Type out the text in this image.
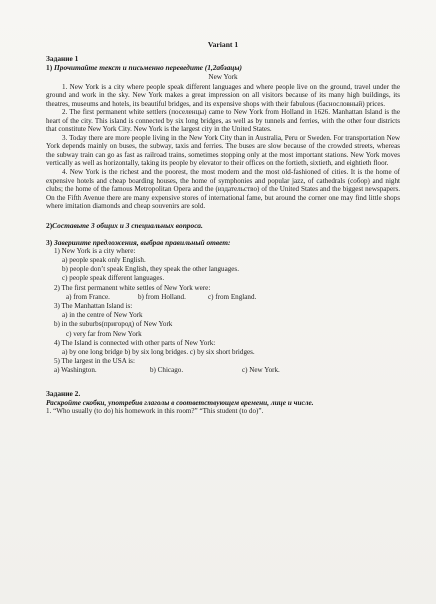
Variant 1

Задание 1

1) Прочитайте текст и письменно переведите (1,2абзацы)

New York

1. New York is a city where people speak different languages and where people live on the ground, travel under the ground and work in the sky. New York makes a great impression on all visitors because of its many high buildings, its theatres, museums and hotels, its beautiful bridges, and its expensive shops with their fabulous (баснословный) prices.

2. The first permanent white settlers (поселенцы) came to New York from Holland in 1626. Manhattan Island is the heart of the city. This island is connected by six long bridges, as well as by tunnels and ferries, with the other four districts that constitute New York City. New York is the largest city in the United States.

3. Today there are more people living in the New York City than in Australia, Peru or Sweden. For transportation New York depends mainly on buses, the subway, taxis and ferries. The buses are slow because of the crowded streets, whereas the subway train can go as fast as railroad trains, sometimes stopping only at the most important stations. New York moves vertically as well as horizontally, taking its people by elevator to their offices on the fortieth, sixtieth, and eightieth floor.

4. New York is the richest and the poorest, the most modern and the most old-fashioned of cities. It is the home of expensive hotels and cheap boarding houses, the home of symphonies and popular jazz, of cathedrals (собор) and night clubs; the home of the famous Metropolitan Opera and the (издательство) of the United States and the biggest newspapers. On the Fifth Avenue there are many expensive stores of international fame, but around the corner one may find little shops where imitation diamonds and cheap souvenirs are sold.

2)Составьте 3 общих и 3 специальных вопроса.

3) Завершите предложения, выбрав правильный ответ:

1) New York is a city where:

a) people speak only English.

b) people don’t speak English, they speak the other languages.

c) people speak different languages.

2) The first permanent white settles of New York were:

a) from France.	b) from Holland.	c) from England.

3) The Manhattan Island is:

a) in the centre of New York

b) in the suburbs(пригород) of New York

c) very far from New York

4) The Island is connected with other parts of New York:

a) by one long bridge b) by six long bridges. c) by six short bridges.

5) The largest in the USA is:

a) Washington.	b) Chicago.	c) New York.

Задание 2.

Раскройте скобки, употребив глаголы в соответствующем времени, лице и числе.

1. “Who usually (to do) his homework in this room?” “This student (to do)”.
